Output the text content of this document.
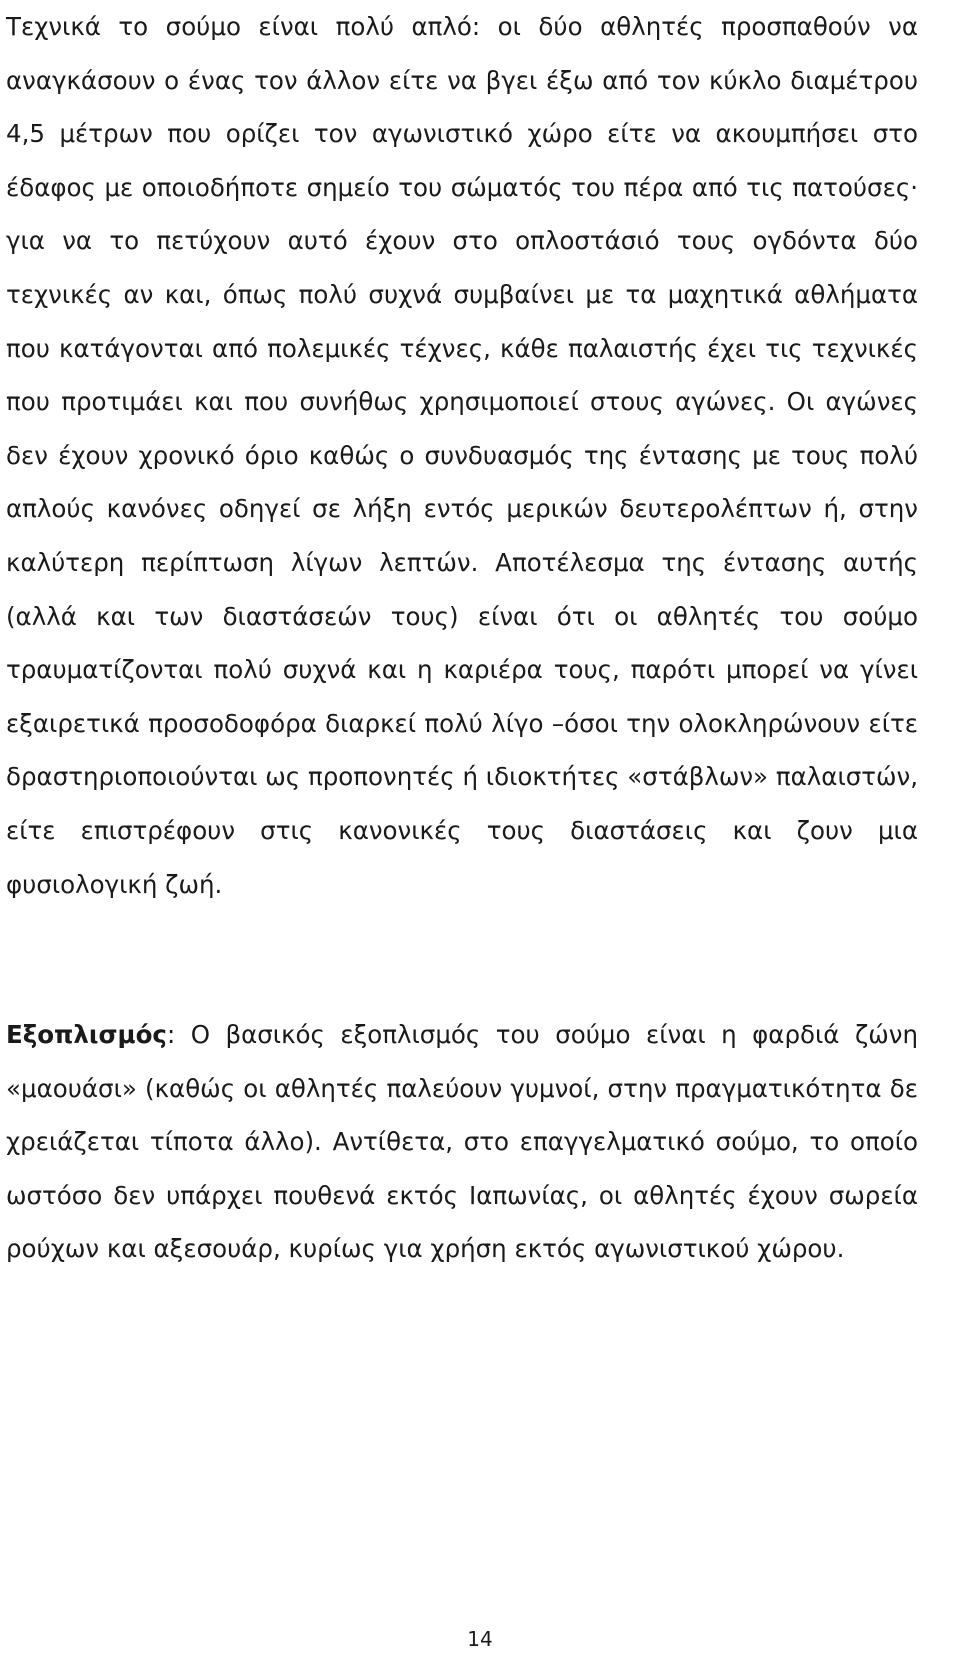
Τεχνικά το σούμο είναι πολύ απλό: οι δύο αθλητές προσπαθούν να αναγκάσουν ο ένας τον άλλον είτε να βγει έξω από τον κύκλο διαμέτρου 4,5 μέτρων που ορίζει τον αγωνιστικό χώρο είτε να ακουμπήσει στο έδαφος με οποιοδήποτε σημείο του σώματός του πέρα από τις πατούσες· για να το πετύχουν αυτό έχουν στο οπλοστάσιό τους ογδόντα δύο τεχνικές αν και, όπως πολύ συχνά συμβαίνει με τα μαχητικά αθλήματα που κατάγονται από πολεμικές τέχνες, κάθε παλαιστής έχει τις τεχνικές που προτιμάει και που συνήθως χρησιμοποιεί στους αγώνες. Οι αγώνες δεν έχουν χρονικό όριο καθώς ο συνδυασμός της έντασης με τους πολύ απλούς κανόνες οδηγεί σε λήξη εντός μερικών δευτερολέπτων ή, στην καλύτερη περίπτωση λίγων λεπτών. Αποτέλεσμα της έντασης αυτής (αλλά και των διαστάσεών τους) είναι ότι οι αθλητές του σούμο τραυματίζονται πολύ συχνά και η καριέρα τους, παρότι μπορεί να γίνει εξαιρετικά προσοδοφόρα διαρκεί πολύ λίγο –όσοι την ολοκληρώνουν είτε δραστηριοποιούνται ως προπονητές ή ιδιοκτήτες «στάβλων» παλαιστών, είτε επιστρέφουν στις κανονικές τους διαστάσεις και ζουν μια φυσιολογική ζωή.

Εξοπλισμός: Ο βασικός εξοπλισμός του σούμο είναι η φαρδιά ζώνη «μαουάσι» (καθώς οι αθλητές παλεύουν γυμνοί, στην πραγματικότητα δε χρειάζεται τίποτα άλλο). Αντίθετα, στο επαγγελματικό σούμο, το οποίο ωστόσο δεν υπάρχει πουθενά εκτός Ιαπωνίας, οι αθλητές έχουν σωρεία ρούχων και αξεσουάρ, κυρίως για χρήση εκτός αγωνιστικού χώρου.

14
